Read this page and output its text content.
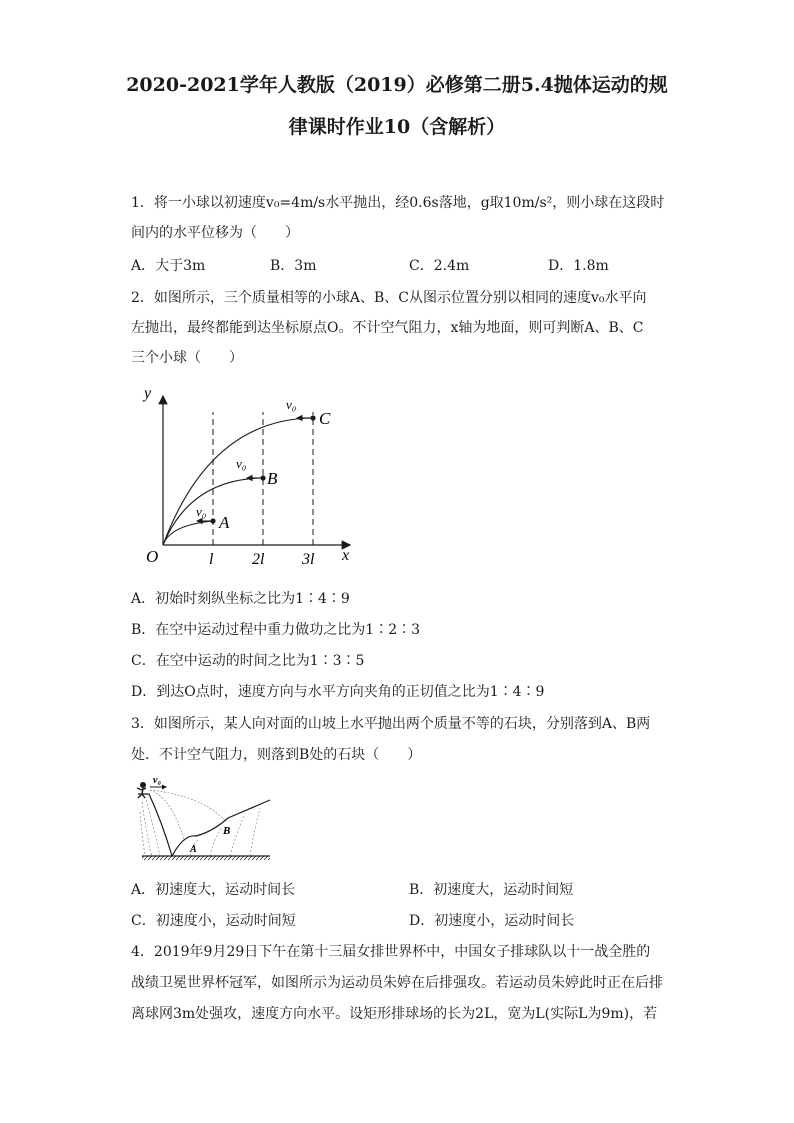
2020-2021学年人教版（2019）必修第二册5.4抛体运动的规
律课时作业10（含解析）
1．将一小球以初速度v₀=4m/s水平抛出，经0.6s落地，g取10m/s²，则小球在这段时
间内的水平位移为（　　）
A．大于3m	B．3m	C．2.4m	D．1.8m
2．如图所示，三个质量相等的小球A、B、C从图示位置分别以相同的速度v₀水平向
左抛出，最终都能到达坐标原点O。不计空气阻力，x轴为地面，则可判断A、B、C
三个小球（　　）
y
x
O	l 2l 3l
v₀
v₀
v₀
A
B
C
A．初始时刻纵坐标之比为1∶4∶9
B．在空中运动过程中重力做功之比为1∶2∶3
C．在空中运动的时间之比为1∶3∶5
D．到达O点时，速度方向与水平方向夹角的正切值之比为1∶4∶9
3．如图所示，某人向对面的山坡上水平抛出两个质量不等的石块，分别落到A、B两
处．不计空气阻力，则落到B处的石块（　　）
v₀
A
B
A．初速度大，运动时间长	B．初速度大，运动时间短
C．初速度小，运动时间短	D．初速度小，运动时间长
4．2019年9月29日下午在第十三届女排世界杯中，中国女子排球队以十一战全胜的
战绩卫冕世界杯冠军，如图所示为运动员朱婷在后排强攻。若运动员朱婷此时正在后排
离球网3m处强攻，速度方向水平。设矩形排球场的长为2L，宽为L(实际L为9m)，若
